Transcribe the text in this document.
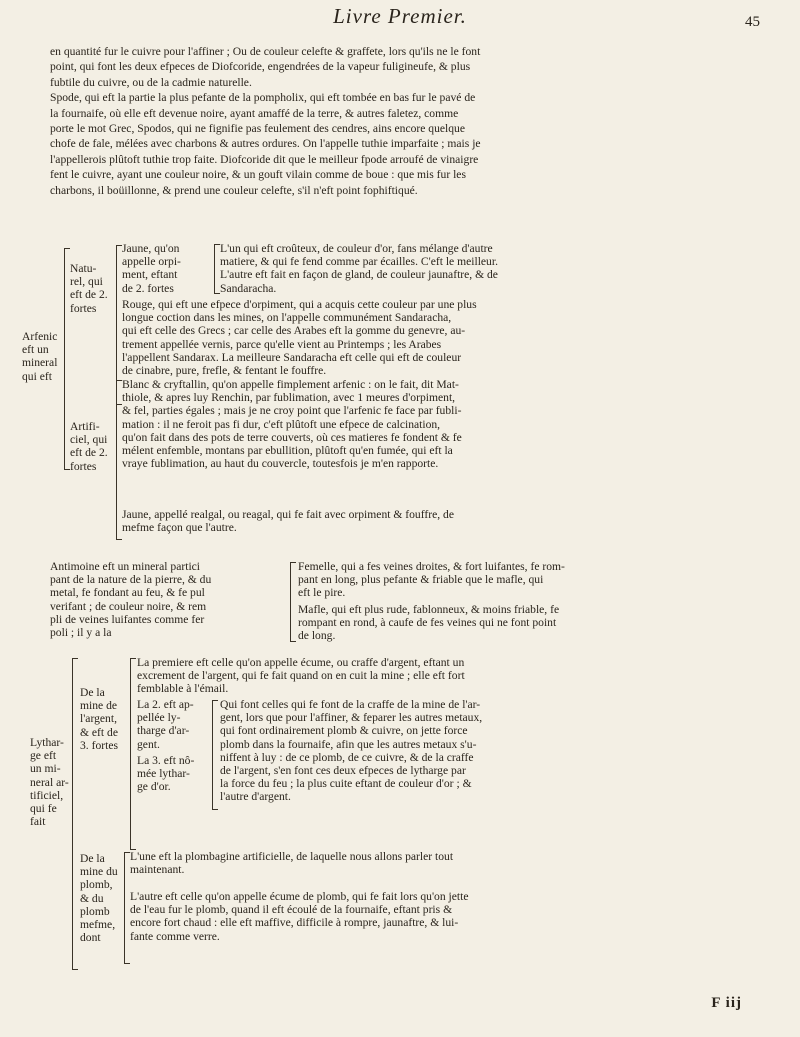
Livre Premier.	45
en quantité fur le cuivre pour l'affiner ; Ou de couleur celefte & graffete, lors qu'ils ne le font
point, qui font les deux efpeces de Diofcoride, engendrées de la vapeur fuligineufe, & plus
fubtile du cuivre, ou de la cadmie naturelle.
Spode, qui eft la partie la plus pefante de la pompholix, qui eft tombée en bas fur le pavé de
la fournaife, où elle eft devenue noire, ayant amaffé de la terre, & autres faletez, comme
porte le mot Grec, Spodos, qui ne fignifie pas feulement des cendres, ains encore quelque
chofe de fale, mélées avec charbons & autres ordures. On l'appelle tuthie imparfaite ; mais je
l'appellerois plûtoft tuthie trop faite. Diofcoride dit que le meilleur fpode arroufé de vinaigre
fent le cuivre, ayant une couleur noire, & un gouft vilain comme de boue : que mis fur les
charbons, il boüillonne, & prend une couleur celefte, s'il n'eft point fophiftiqué.
Arfenic
eft un
mineral
qui eft
Natu-
rel, qui
eft de 2.
fortes
Jaune, qu'on
appelle orpi-
ment, eftant
de 2. fortes
L'un qui eft croûteux, de couleur d'or, fans mélange d'autre
matiere, & qui fe fend comme par écailles. C'eft le meilleur.
L'autre eft fait en façon de gland, de couleur jaunaftre, & de
Sandaracha.
Rouge, qui eft une efpece d'orpiment, qui a acquis cette couleur par une plus
longue coction dans les mines, on l'appelle communément Sandaracha,
qui eft celle des Grecs ; car celle des Arabes eft la gomme du genevre, au-
trement appellée vernis, parce qu'elle vient au Printemps ; les Arabes
l'appellent Sandarax. La meilleure Sandaracha eft celle qui eft de couleur
de cinabre, pure, frefle, & fentant le fouffre.
Artifi-
ciel, qui
eft de 2.
fortes
Blanc & cryftallin, qu'on appelle fimplement arfenic : on le fait, dit Mat-
thiole, & apres luy Renchin, par fublimation, avec 1 meures d'orpiment,
& fel, parties égales ; mais je ne croy point que l'arfenic fe face par fubli-
mation : il ne feroit pas fi dur, c'eft plûtoft une efpece de calcination,
qu'on fait dans des pots de terre couverts, où ces matieres fe fondent & fe
mélent enfemble, montans par ebullition, plûtoft qu'en fumée, qui eft la
vraye fublimation, au haut du couvercle, toutesfois je m'en rapporte.
Jaune, appellé realgal, ou reagal, qui fe fait avec orpiment & fouffre, de
mefme façon que l'autre.
Antimoine eft un mineral partici
pant de la nature de la pierre, & du
metal, fe fondant au feu, & fe pul
verifant ; de couleur noire, & rem
pli de veines luifantes comme fer
poli ; il y a la
Femelle, qui a fes veines droites, & fort luifantes, fe rom-
pant en long, plus pefante & friable que le mafle, qui
eft le pire.
Mafle, qui eft plus rude, fablonneux, & moins friable, fe
rompant en rond, à caufe de fes veines qui ne font point
de long.
Lythar-
ge eft
un mi-
neral ar-
tificiel,
qui fe
fait
De la
mine de
l'argent,
& eft de
3. fortes
La premiere eft celle qu'on appelle écume, ou craffe d'argent, eftant un
excrement de l'argent, qui fe fait quand on en cuit la mine ; elle eft fort
femblable à l'émail.
La 2. eft ap-
pellée ly-
tharge d'ar-
gent.
Qui font celles qui fe font de la craffe de la mine de l'ar-
gent, lors que pour l'affiner, & feparer les autres metaux,
qui font ordinairement plomb & cuivre, on jette force
plomb dans la fournaife, afin que les autres metaux s'u-
niffent à luy : de ce plomb, de ce cuivre, & de la craffe
de l'argent, s'en font ces deux efpeces de lytharge par
la force du feu ; la plus cuite eftant de couleur d'or ; &
l'autre d'argent.
La 3. eft nô-
mée lythar-
ge d'or.
De la
mine du
plomb,
& du
plomb
mefme,
dont
L'une eft la plombagine artificielle, de laquelle nous allons parler tout
maintenant.
L'autre eft celle qu'on appelle écume de plomb, qui fe fait lors qu'on jette
de l'eau fur le plomb, quand il eft écoulé de la fournaife, eftant pris &
encore fort chaud : elle eft maffive, difficile à rompre, jaunaftre, & lui-
fante comme verre.
F iij
